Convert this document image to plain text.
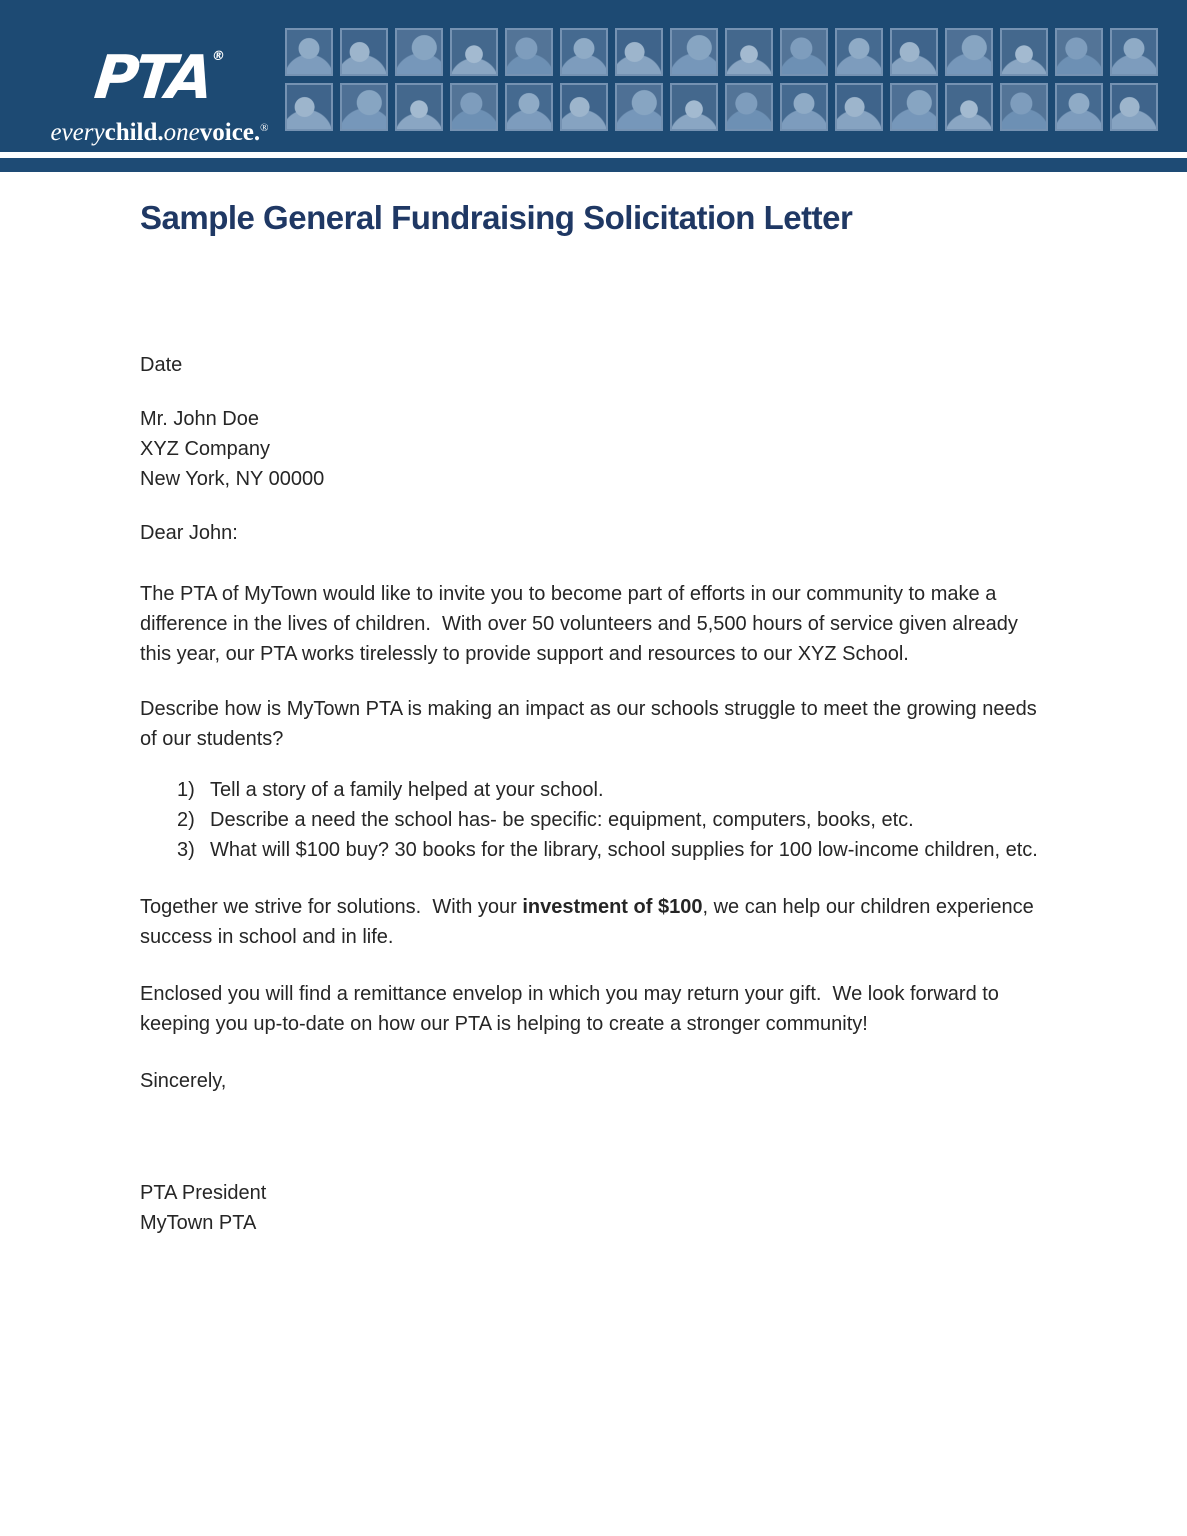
PTA®
everychild.onevoice.®
Sample General Fundraising Solicitation Letter

Date

Mr. John Doe
XYZ Company
New York, NY 00000

Dear John:

The PTA of MyTown would like to invite you to become part of efforts in our community to make a difference in the lives of children.  With over 50 volunteers and 5,500 hours of service given already this year, our PTA works tirelessly to provide support and resources to our XYZ School.

Describe how is MyTown PTA is making an impact as our schools struggle to meet the growing needs of our students?

1) Tell a story of a family helped at your school.
2) Describe a need the school has- be specific: equipment, computers, books, etc.
3) What will $100 buy? 30 books for the library, school supplies for 100 low-income children, etc.

Together we strive for solutions.  With your investment of $100, we can help our children experience success in school and in life.

Enclosed you will find a remittance envelop in which you may return your gift.  We look forward to keeping you up-to-date on how our PTA is helping to create a stronger community!

Sincerely,

PTA President
MyTown PTA
